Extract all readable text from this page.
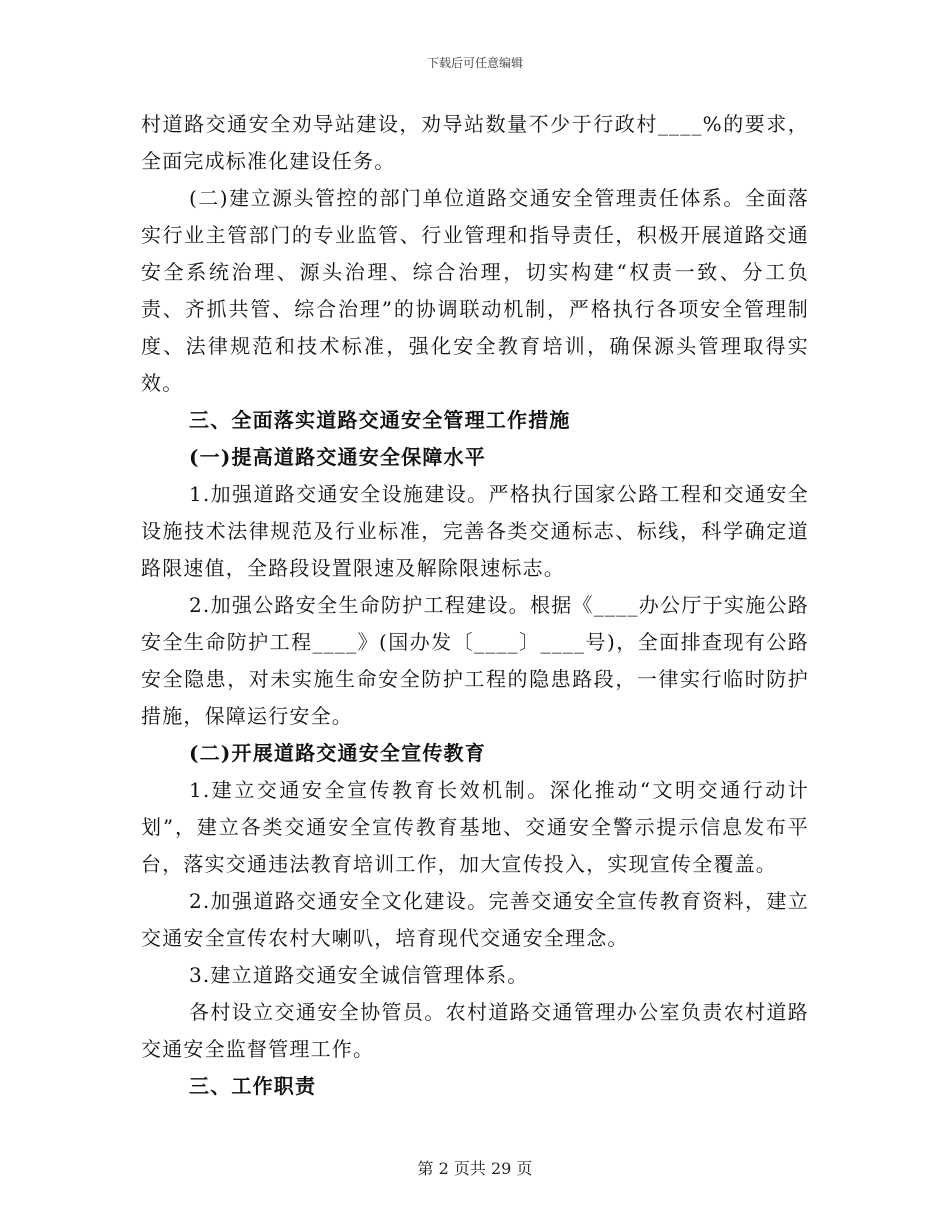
下载后可任意编辑

村道路交通安全劝导站建设，劝导站数量不少于行政村____%的要求，全面完成标准化建设任务。

(二)建立源头管控的部门单位道路交通安全管理责任体系。全面落实行业主管部门的专业监管、行业管理和指导责任，积极开展道路交通安全系统治理、源头治理、综合治理，切实构建“权责一致、分工负责、齐抓共管、综合治理”的协调联动机制，严格执行各项安全管理制度、法律规范和技术标准，强化安全教育培训，确保源头管理取得实效。

三、全面落实道路交通安全管理工作措施

(一)提高道路交通安全保障水平

1.加强道路交通安全设施建设。严格执行国家公路工程和交通安全设施技术法律规范及行业标准，完善各类交通标志、标线，科学确定道路限速值，全路段设置限速及解除限速标志。

2.加强公路安全生命防护工程建设。根据《____办公厅于实施公路安全生命防护工程____》(国办发〔____〕____号)，全面排查现有公路安全隐患，对未实施生命安全防护工程的隐患路段，一律实行临时防护措施，保障运行安全。

(二)开展道路交通安全宣传教育

1.建立交通安全宣传教育长效机制。深化推动“文明交通行动计划”，建立各类交通安全宣传教育基地、交通安全警示提示信息发布平台，落实交通违法教育培训工作，加大宣传投入，实现宣传全覆盖。

2.加强道路交通安全文化建设。完善交通安全宣传教育资料，建立交通安全宣传农村大喇叭，培育现代交通安全理念。

3.建立道路交通安全诚信管理体系。

各村设立交通安全协管员。农村道路交通管理办公室负责农村道路交通安全监督管理工作。

三、工作职责

第 2 页共 29 页
